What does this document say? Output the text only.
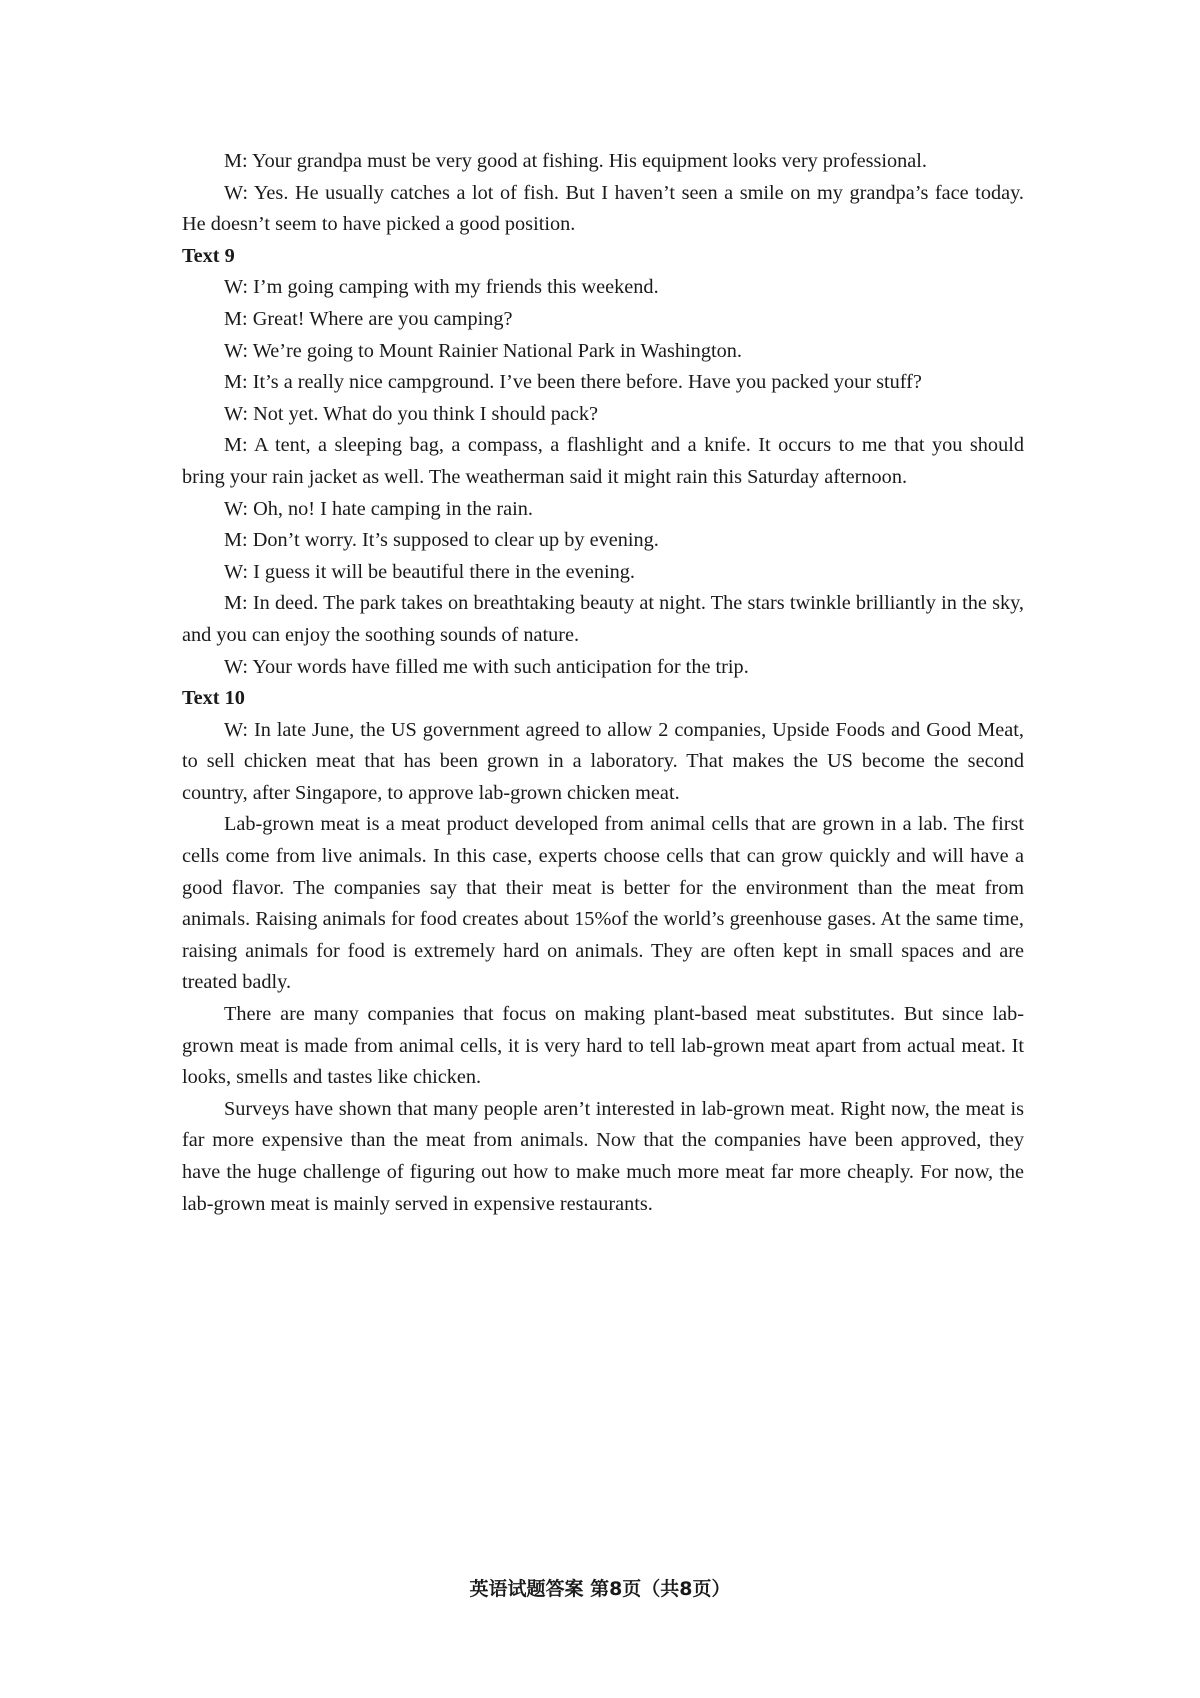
M: Your grandpa must be very good at fishing. His equipment looks very professional.

W: Yes. He usually catches a lot of fish. But I haven’t seen a smile on my grandpa’s face today. He doesn’t seem to have picked a good position.

Text 9

W: I’m going camping with my friends this weekend.

M: Great! Where are you camping?

W: We’re going to Mount Rainier National Park in Washington.

M: It’s a really nice campground. I’ve been there before. Have you packed your stuff?

W: Not yet. What do you think I should pack?

M: A tent, a sleeping bag, a compass, a flashlight and a knife. It occurs to me that you should bring your rain jacket as well. The weatherman said it might rain this Saturday afternoon.

W: Oh, no! I hate camping in the rain.

M: Don’t worry. It’s supposed to clear up by evening.

W: I guess it will be beautiful there in the evening.

M: In deed. The park takes on breathtaking beauty at night. The stars twinkle brilliantly in the sky, and you can enjoy the soothing sounds of nature.

W: Your words have filled me with such anticipation for the trip.

Text 10

W: In late June, the US government agreed to allow 2 companies, Upside Foods and Good Meat, to sell chicken meat that has been grown in a laboratory. That makes the US become the second country, after Singapore, to approve lab-grown chicken meat.

Lab-grown meat is a meat product developed from animal cells that are grown in a lab. The first cells come from live animals. In this case, experts choose cells that can grow quickly and will have a good flavor. The companies say that their meat is better for the environment than the meat from animals. Raising animals for food creates about 15%of the world’s greenhouse gases. At the same time, raising animals for food is extremely hard on animals. They are often kept in small spaces and are treated badly.

There are many companies that focus on making plant-based meat substitutes. But since lab-grown meat is made from animal cells, it is very hard to tell lab-grown meat apart from actual meat. It looks, smells and tastes like chicken.

Surveys have shown that many people aren’t interested in lab-grown meat. Right now, the meat is far more expensive than the meat from animals. Now that the companies have been approved, they have the huge challenge of figuring out how to make much more meat far more cheaply. For now, the lab-grown meat is mainly served in expensive restaurants.

英语试题答案 第8页（共8页）
